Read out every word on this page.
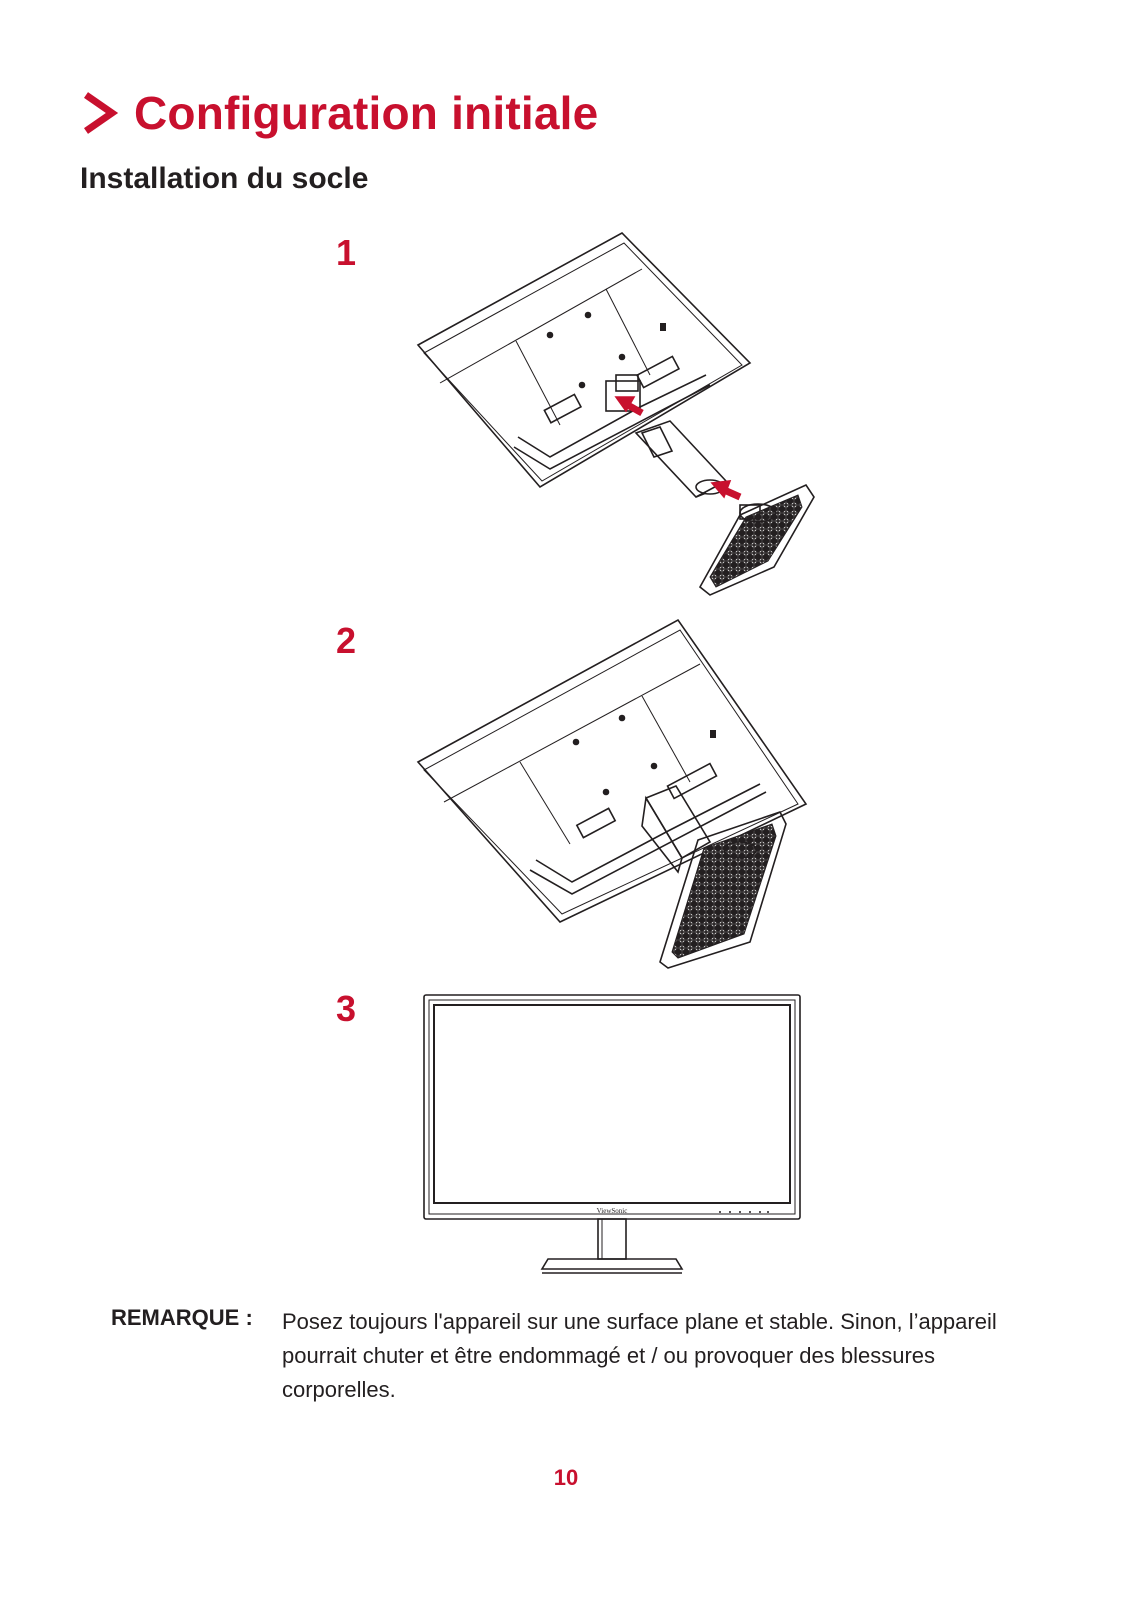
Configuration initiale
Installation du socle
1
2
3
ViewSonic
REMARQUE : Posez toujours l'appareil sur une surface plane et stable. Sinon, l’appareil pourrait chuter et être endommagé et / ou provoquer des blessures corporelles.
10
